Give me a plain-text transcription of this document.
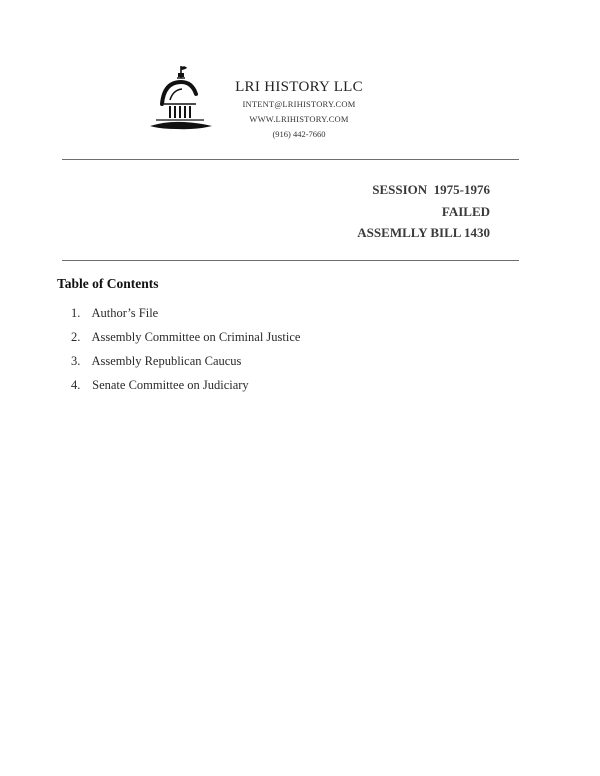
LRI HISTORY LLC
INTENT@LRIHISTORY.COM
WWW.LRIHISTORY.COM
(916) 442-7660
SESSION  1975-1976
FAILED
ASSEMLLY BILL 1430
Table of Contents
1. Author’s File
2. Assembly Committee on Criminal Justice
3. Assembly Republican Caucus
4. Senate Committee on Judiciary
